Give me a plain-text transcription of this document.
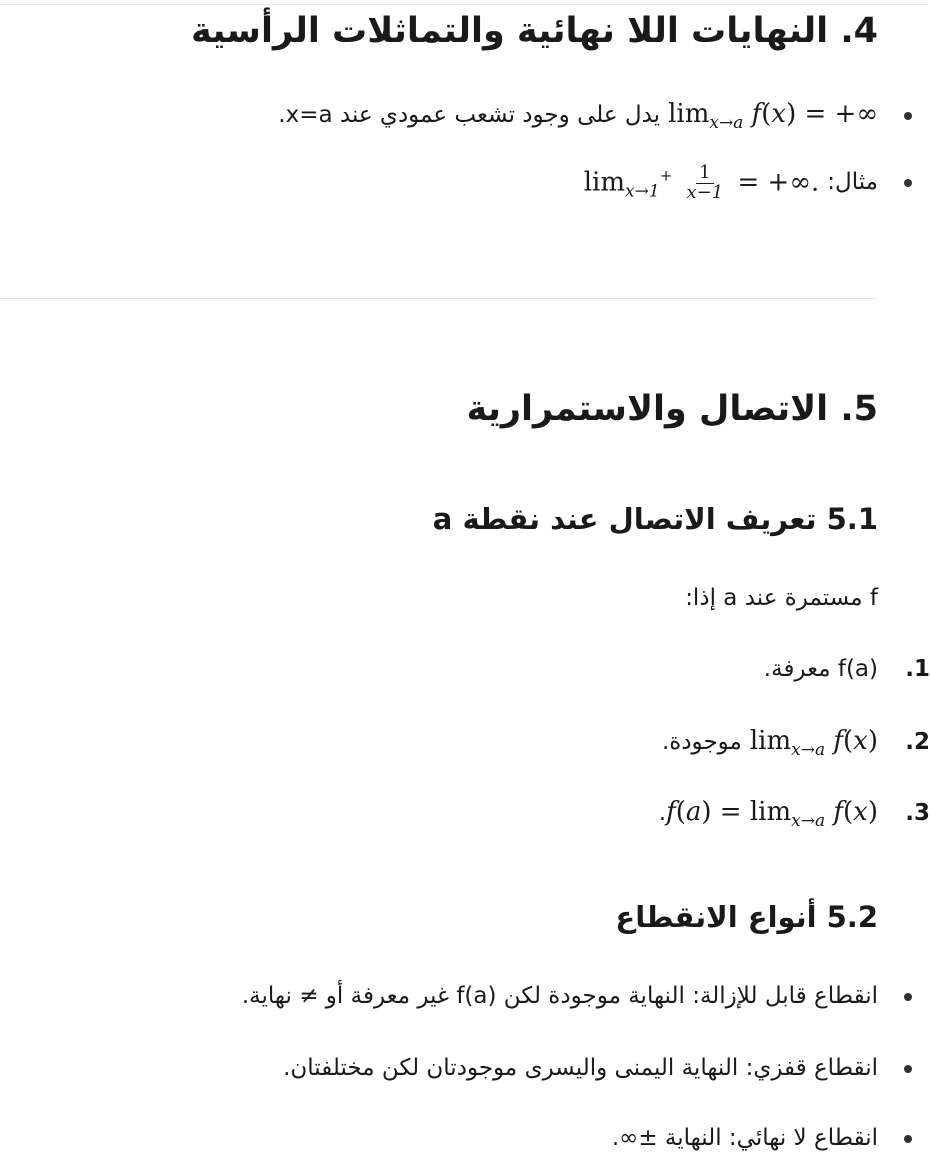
4. النهايات اللا نهائية والتماثلات الرأسية
$\lim_{x\to a} f(x)$ = +∞
يدل على وجود تشعب عمودي عند x=a.
مثال:
$\lim_{x\to 1}^+ \frac{1}{x-1}$ = +∞.
5. الاتصال والاستمرارية
5.1 تعريف الاتصال عند نقطة a
f مستمرة عند a إذا:
1.
f(a) معرفة.
2.
$\lim_{x\to a} f(x)$
موجودة.
3.
$f(a) = \lim_{x\to a} f(x)$
.
5.2 أنواع الانقطاع
انقطاع قابل للإزالة: النهاية موجودة لكن f(a) غير معرفة أو ≠ نهاية.
انقطاع قفزي: النهاية اليمنى واليسرى موجودتان لكن مختلفتان.
انقطاع لا نهائي: النهاية ±∞.
